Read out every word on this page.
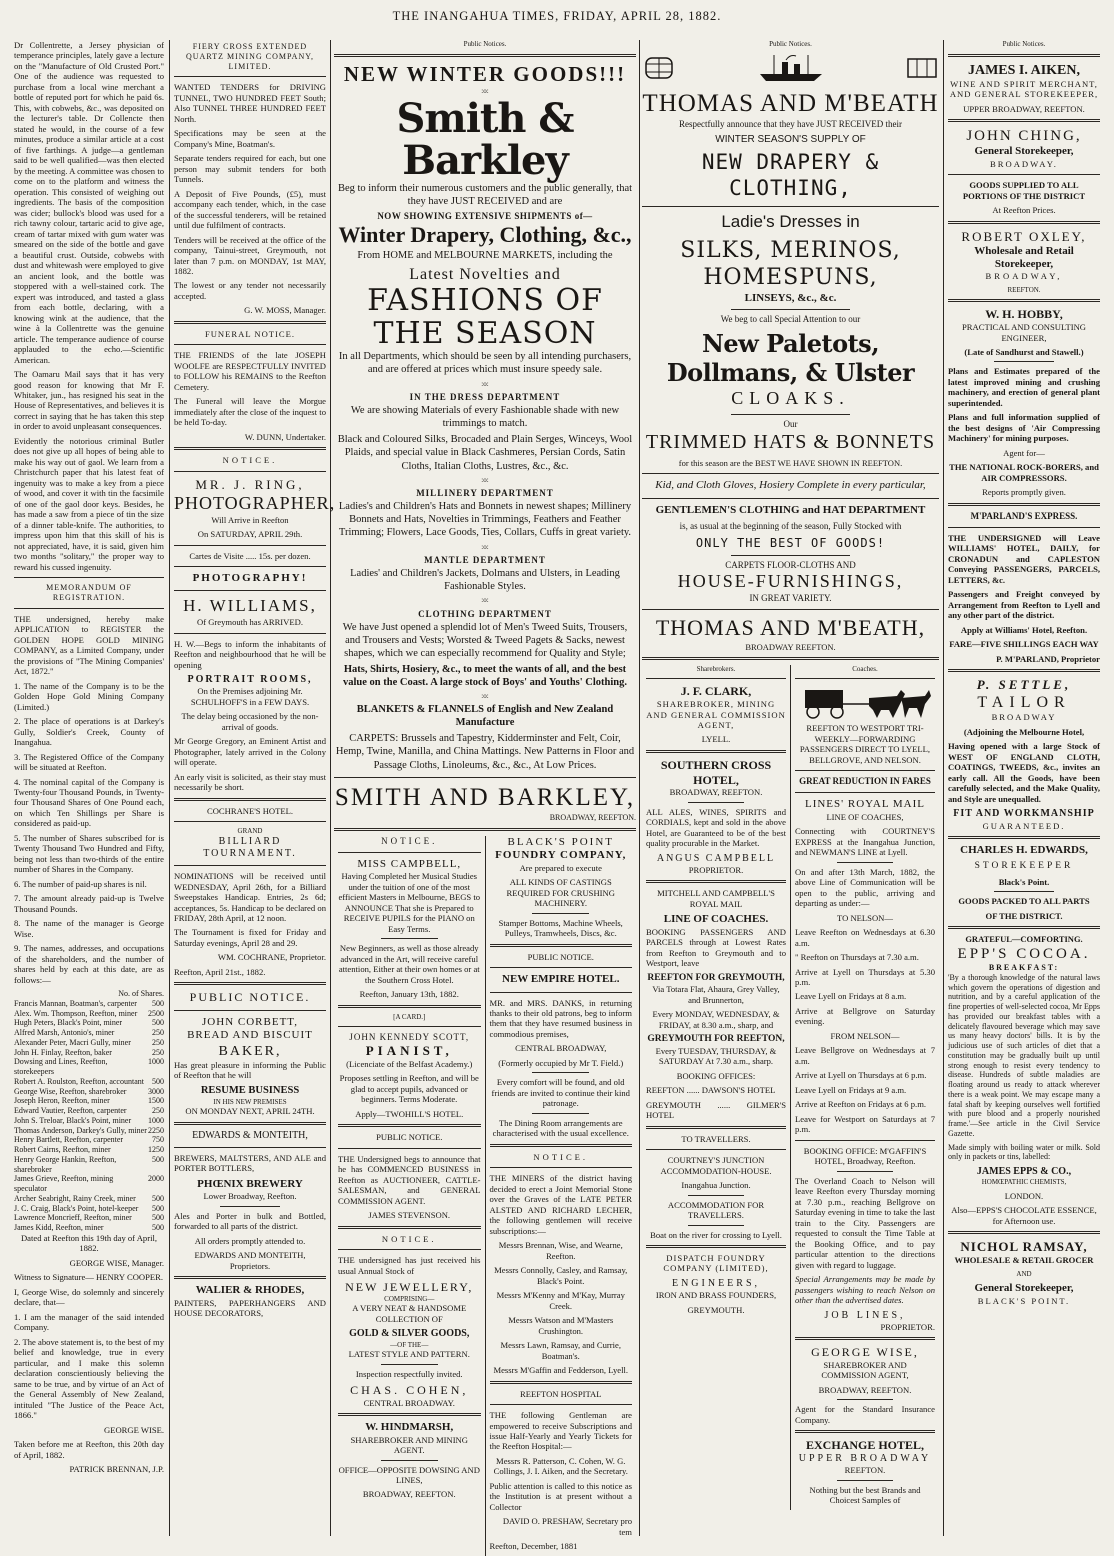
THE INANGAHUA TIMES, FRIDAY, APRIL 28, 1882.

Dr Collentrette, a Jersey physician of temperance principles, lately gave a lecture on the "Manufacture of Old Crusted Port." One of the audience was requested to purchase from a local wine merchant a bottle of reputed port for which he paid 6s. This, with cobwebs, &c., was deposited on the lecturer's table. Dr Collencte then stated he would, in the course of a few minutes, produce a similar article at a cost of five farthings. A judge—a gentleman said to be well qualified—was then elected by the meeting. A committee was chosen to come on to the platform and witness the operation. This consisted of weighing out ingredients. The basis of the composition was cider; bullock's blood was used for a rich tawny colour, tartaric acid to give age, cream of tartar mixed with gum water was smeared on the side of the bottle and gave a beautiful crust. Outside, cobwebs with dust and whitewash were employed to give an ancient look, and the bottle was stoppered with a well-stained cork. The expert was introduced, and tasted a glass from each bottle, declaring, with a knowing wink at the audience, that the wine à la Collentrette was the genuine article. The temperance audience of course applauded to the echo.—Scientific American.

The Oamaru Mail says that it has very good reason for knowing that Mr F. Whitaker, jun., has resigned his seat in the House of Representatives, and believes it is correct in saying that he has taken this step in order to avoid unpleasant consequences.

Evidently the notorious criminal Butler does not give up all hopes of being able to make his way out of gaol. We learn from a Christchurch paper that his latest feat of ingenuity was to make a key from a piece of wood, and cover it with tin the facsimile of one of the gaol door keys. Besides, he has made a saw from a piece of tin the size of a dinner table-knife. The authorities, to impress upon him that this skill of his is not appreciated, have, it is said, given him two months "solitary," the proper way to reward his cussed ingenuity.

MEMORANDUM OF REGISTRATION.

THE undersigned, hereby make APPLICATION to REGISTER the GOLDEN HOPE GOLD MINING COMPANY, as a Limited Company, under the provisions of "The Mining Companies' Act, 1872."

1. The name of the Company is to be the Golden Hope Gold Mining Company (Limited.)

2. The place of operations is at Darkey's Gully, Soldier's Creek, County of Inangahua.

3. The Registered Office of the Company will be situated at Reefton.

4. The nominal capital of the Company is Twenty-four Thousand Pounds, in Twenty-four Thousand Shares of One Pound each, on which Ten Shillings per Share is considered as paid-up.

5. The number of Shares subscribed for is Twenty Thousand Two Hundred and Fifty, being not less than two-thirds of the entire number of Shares in the Company.

6. The number of paid-up shares is nil.

7. The amount already paid-up is Twelve Thousand Pounds.

8. The name of the manager is George Wise.

9. The names, addresses, and occupations of the shareholders, and the number of shares held by each at this date, are as follows:—

No. of Shares.
Francis Mannan, Boatman's, carpenter 500
Alex. Wm. Thompson, Reefton, miner 2500
Hugh Peters, Black's Point, miner	500
Alfred Marsh, Antonio's, miner	250
Alexander Peter, Macri Gully, miner	250
John H. Finlay, Reefton, baker	250
Dowsing and Lines, Reefton, storekeepers
1000
Robert A. Roulston, Reefton, accountant 500
George Wise, Reefton, sharebroker	3000
Joseph Heron, Reefton, miner	1500
Edward Vautier, Reefton, carpenter	250
John S. Treloar, Black's Point, miner 1000
Thomas Anderson, Darkey's Gully, miner 2250
Henry Bartlett, Reefton, carpenter	750
Robert Cairns, Reefton, miner	1250
Henry George Hankin, Reefton, sharebroker
500
James Grieve, Reefton, mining speculator
2000
Archer Seabright, Rainy Creek, miner 500
J. C. Craig, Black's Point, hotel-keeper 500
Lawrence Moncrieff, Reefton, miner	500
James Kidd, Reefton, miner	500

Dated at Reefton this 19th day of April, 1882.

GEORGE WISE, Manager.

Witness to Signature— HENRY COOPER.

I, George Wise, do solemnly and sincerely declare, that—

1. I am the manager of the said intended Company.

2. The above statement is, to the best of my belief and knowledge, true in every particular, and I make this solemn declaration conscientiously believing the same to be true, and by virtue of an Act of the General Assembly of New Zealand, intituled "The Justice of the Peace Act, 1866."

GEORGE WISE.

Taken before me at Reefton, this 20th day of April, 1882.

PATRICK BRENNAN, J.P.

FIERY CROSS EXTENDED QUARTZ MINING COMPANY, LIMITED.

WANTED TENDERS for DRIVING TUNNEL, TWO HUNDRED FEET South; Also TUNNEL THREE HUNDRED FEET North.

Specifications may be seen at the Company's Mine, Boatman's.

Separate tenders required for each, but one person may submit tenders for both Tunnels.

A Deposit of Five Pounds, (£5), must accompany each tender, which, in the case of the successful tenderers, will be retained until due fulfilment of contracts.

Tenders will be received at the office of the company, Tainui-street, Greymouth, not later than 7 p.m. on MONDAY, 1st MAY, 1882.

The lowest or any tender not necessarily accepted.

G. W. MOSS, Manager.

FUNERAL NOTICE.

THE FRIENDS of the late JOSEPH WOOLFE are RESPECTFULLY INVITED to FOLLOW his REMAINS to the Reefton Cemetery.

The Funeral will leave the Morgue immediately after the close of the inquest to be held To-day.

W. DUNN, Undertaker.

NOTICE.
MR. J. RING,
PHOTOGRAPHER,

Will Arrive in Reefton

On SATURDAY, APRIL 29th.

Cartes de Visite ..... 15s. per dozen.

PHOTOGRAPHY!
H. WILLIAMS,

Of Greymouth has ARRIVED.

H. W.—Begs to inform the inhabitants of Reefton and neighbourhood that he will be opening

PORTRAIT ROOMS,

On the Premises adjoining Mr. SCHULHOFF'S in a FEW DAYS.

The delay being occasioned by the non-arrival of goods.

Mr George Gregory, an Eminent Artist and Photographer, lately arrived in the Colony will operate.

An early visit is solicited, as their stay must necessarily be short.

COCHRANE'S HOTEL.
GRAND
BILLIARD TOURNAMENT.

NOMINATIONS will be received until WEDNESDAY, April 26th, for a Billiard Sweepstakes Handicap. Entries, 2s 6d; acceptances, 5s. Handicap to be declared on FRIDAY, 28th April, at 12 noon.

The Tournament is fixed for Friday and Saturday evenings, April 28 and 29.

WM. COCHRANE, Proprietor.

Reefton, April 21st., 1882.

PUBLIC NOTICE.
JOHN CORBETT,
BREAD AND BISCUIT
BAKER,

Has great pleasure in informing the Public of Reefton that he will

RESUME BUSINESS
IN HIS NEW PREMISES

ON MONDAY NEXT, APRIL 24TH.

EDWARDS & MONTEITH,

BREWERS, MALTSTERS, AND ALE and PORTER BOTTLERS,

PHŒNIX BREWERY

Lower Broadway, Reefton.

Ales and Porter in bulk and Bottled, forwarded to all parts of the district.

All orders promptly attended to.

EDWARDS AND MONTEITH, Proprietors.

WALIER & RHODES,

PAINTERS, PAPERHANGERS AND HOUSE DECORATORS,

Public Notices.
NEW WINTER GOODS!!!
:o:
Smith & Barkley
Beg to inform their numerous customers and the public generally, that they have JUST RECEIVED and are
NOW SHOWING EXTENSIVE SHIPMENTS of—
Winter Drapery, Clothing, &c.,
From HOME and MELBOURNE MARKETS, including the
Latest Novelties and
FASHIONS OF THE SEASON
In all Departments, which should be seen by all intending purchasers, and are offered at prices which must insure speedy sale.
:o:
IN THE DRESS DEPARTMENT
We are showing Materials of every Fashionable shade with new trimmings to match.
Black and Coloured Silks, Brocaded and Plain Serges, Winceys, Wool Plaids, and special value in Black Cashmeres, Persian Cords, Satin Cloths, Italian Cloths, Lustres, &c., &c.
:o:
MILLINERY DEPARTMENT
Ladies's and Children's Hats and Bonnets in newest shapes; Millinery Bonnets and Hats, Novelties in Trimmings, Feathers and Feather Trimming; Flowers, Lace Goods, Ties, Collars, Cuffs in great variety.
:o:
MANTLE DEPARTMENT
Ladies' and Children's Jackets, Dolmans and Ulsters, in Leading Fashionable Styles.
:o:
CLOTHING DEPARTMENT
We have Just opened a splendid lot of Men's Tweed Suits, Trousers, and Trousers and Vests; Worsted & Tweed Pagets & Sacks, newest shapes, which we can especially recommend for Quality and Style;
Hats, Shirts, Hosiery, &c., to meet the wants of all, and the best value on the Coast. A large stock of Boys' and Youths' Clothing.
:o:
BLANKETS & FLANNELS of English and New Zealand Manufacture
CARPETS: Brussels and Tapestry, Kidderminster and Felt, Coir, Hemp, Twine, Manilla, and China Mattings. New Patterns in Floor and Passage Cloths, Linoleums, &c., &c., At Low Prices.
SMITH AND BARKLEY,
BROADWAY, REEFTON.
NOTICE.
MISS CAMPBELL,

Having Completed her Musical Studies under the tuition of one of the most efficient Masters in Melbourne, BEGS to ANNOUNCE That she is Prepared to RECEIVE PUPILS for the PIANO on Easy Terms.

New Beginners, as well as those already advanced in the Art, will receive careful attention, Either at their own homes or at the Southern Cross Hotel.

Reefton, January 13th, 1882.

[A CARD.]
JOHN KENNEDY SCOTT,
PIANIST,

(Licenciate of the Belfast Academy.)

Proposes settling in Reefton, and will be glad to accept pupils, advanced or beginners. Terms Moderate.

Apply—TWOHILL'S HOTEL.

PUBLIC NOTICE.

THE Undersigned begs to announce that he has COMMENCED BUSINESS in Reefton as AUCTIONEER, CATTLE-SALESMAN, and GENERAL COMMISSION AGENT.

JAMES STEVENSON.

NOTICE.

THE undersigned has just received his usual Annual Stock of

NEW JEWELLERY,
COMPRISING—

A VERY NEAT & HANDSOME COLLECTION OF

GOLD & SILVER GOODS,
—OF THE—

LATEST STYLE AND PATTERN.

Inspection respectfully invited.

CHAS. COHEN,

CENTRAL BROADWAY.

W. HINDMARSH,

SHAREBROKER AND MINING AGENT.

OFFICE—OPPOSITE DOWSING AND LINES,

BROADWAY, REEFTON.

BLACK'S POINT
FOUNDRY COMPANY,

Are prepared to execute

ALL KINDS OF CASTINGS REQUIRED FOR CRUSHING MACHINERY.

Stamper Bottoms, Machine Wheels, Pulleys, Tramwheels, Discs, &c.

PUBLIC NOTICE.
NEW EMPIRE HOTEL.

MR. and MRS. DANKS, in returning thanks to their old patrons, beg to inform them that they have resumed business in commodious premises,

CENTRAL BROADWAY,

(Formerly occupied by Mr T. Field.)

Every comfort will be found, and old friends are invited to continue their kind patronage.

The Dining Room arrangements are characterised with the usual excellence.

NOTICE.

THE MINERS of the district having decided to erect a Joint Memorial Stone over the Graves of the LATE PETER ALSTED AND RICHARD LECHER, the following gentlemen will receive subscriptions:—

Messrs Brennan, Wise, and Wearne, Reefton.

Messrs Connolly, Casley, and Ramsay, Black's Point.

Messrs M'Kenny and M'Kay, Murray Creek.

Messrs Watson and M'Masters Crushington.

Messrs Lawn, Ramsay, and Currie, Boatman's.

Messrs M'Gaffin and Fedderson, Lyell.

REEFTON HOSPITAL

THE following Gentleman are empowered to receive Subscriptions and issue Half-Yearly and Yearly Tickets for the Reefton Hospital:—

Messrs R. Patterson, C. Cohen, W. G. Collings, J. I. Aiken, and the Secretary.

Public attention is called to this notice as the Institution is at present without a Collector

DAVID O. PRESHAW, Secretary pro tem

Reefton, December, 1881

Public Notices.
THOMAS AND M'BEATH
Respectfully announce that they have JUST RECEIVED their
WINTER SEASON'S SUPPLY OF
NEW DRAPERY & CLOTHING,
Ladie's Dresses in
SILKS, MERINOS, HOMESPUNS,
LINSEYS, &c., &c.
We beg to call Special Attention to our
New Paletots, Dollmans, & Ulster
CLOAKS.
Our
TRIMMED HATS & BONNETS
for this season are the BEST WE HAVE SHOWN IN REEFTON.
Kid, and Cloth Gloves, Hosiery Complete in every particular,
GENTLEMEN'S CLOTHING and HAT DEPARTMENT
is, as usual at the beginning of the season, Fully Stocked with
ONLY THE BEST OF GOODS!
CARPETS FLOOR-CLOTHS AND
HOUSE-FURNISHINGS,
IN GREAT VARIETY.
THOMAS AND M'BEATH,
BROADWAY REEFTON.
Sharebrokers.
J. F. CLARK,

SHAREBROKER, MINING AND GENERAL COMMISSION AGENT,

LYELL.

SOUTHERN CROSS HOTEL,

BROADWAY, REEFTON.

ALL ALES, WINES, SPIRITS and CORDIALS, kept and sold in the above Hotel, are Guaranteed to be of the best quality procurable in the Market.

ANGUS CAMPBELL

PROPRIETOR.

MITCHELL AND CAMPBELL'S ROYAL MAIL

LINE OF COACHES.

BOOKING PASSENGERS AND PARCELS through at Lowest Rates from Reefton to Greymouth and to Westport, leave

REEFTON FOR GREYMOUTH,

Via Totara Flat, Ahaura, Grey Valley, and Brunnerton,

Every MONDAY, WEDNESDAY, & FRIDAY, at 8.30 a.m., sharp, and

GREYMOUTH FOR REEFTON,

Every TUESDAY, THURSDAY, & SATURDAY At 7.30 a.m., sharp.

BOOKING OFFICES:

REEFTON ...... DAWSON'S HOTEL

GREYMOUTH ...... GILMER'S HOTEL

TO TRAVELLERS.

COURTNEY'S JUNCTION ACCOMMODATION-HOUSE.

Inangahua Junction.

ACCOMMODATION FOR TRAVELLERS.

Boat on the river for crossing to Lyell.

DISPATCH FOUNDRY COMPANY (LIMITED),

ENGINEERS,

IRON AND BRASS FOUNDERS,

GREYMOUTH.

Coaches.

REEFTON TO WESTPORT TRI-WEEKLY—FORWARDING PASSENGERS DIRECT TO LYELL, BELLGROVE, AND NELSON.

GREAT REDUCTION IN FARES
LINES' ROYAL MAIL

LINE OF COACHES,

Connecting with COURTNEY'S EXPRESS at the Inangahua Junction, and NEWMAN'S LINE at Lyell.

On and after 13th March, 1882, the above Line of Communication will be open to the public, arriving and departing as under:—

TO NELSON—

Leave Reefton on Wednesdays at 6.30 a.m.

" Reefton on Thursdays at 7.30 a.m.

Arrive at Lyell on Thursdays at 5.30 p.m.

Leave Lyell on Fridays at 8 a.m.

Arrive at Bellgrove on Saturday evening.

FROM NELSON—

Leave Bellgrove on Wednesdays at 7 a.m.

Arrive at Lyell on Thursdays at 6 p.m.

Leave Lyell on Fridays at 9 a.m.

Arrive at Reefton on Fridays at 6 p.m.

Leave for Westport on Saturdays at 7 p.m.

BOOKING OFFICE: M'GAFFIN'S HOTEL, Broadway, Reefton.

The Overland Coach to Nelson will leave Reefton every Thursday morning at 7.30 p.m., reaching Bellgrove on Saturday evening in time to take the last train to the City. Passengers are requested to consult the Time Table at the Booking Office, and to pay particular attention to the directions given with regard to luggage.

Special Arrangements may be made by passengers wishing to reach Nelson on other than the advertised dates.

JOB LINES,

PROPRIETOR.

GEORGE WISE,

SHAREBROKER AND COMMISSION AGENT,

BROADWAY, REEFTON.

Agent for the Standard Insurance Company.

EXCHANGE HOTEL,
UPPER BROADWAY

REEFTON.

Nothing but the best Brands and Choicest Samples of

Public Notices.
JAMES I. AIKEN,

WINE AND SPIRIT MERCHANT, AND GENERAL STOREKEEPER,

UPPER BROADWAY, REEFTON.

JOHN CHING,
General Storekeeper,

BROADWAY.

GOODS SUPPLIED TO ALL PORTIONS OF THE DISTRICT

At Reefton Prices.

ROBERT OXLEY,
Wholesale and Retail Storekeeper,

BROADWAY,

REEFTON.

W. H. HOBBY,

PRACTICAL AND CONSULTING ENGINEER,

(Late of Sandhurst and Stawell.)

Plans and Estimates prepared of the latest improved mining and crushing machinery, and erection of general plant superintended.

Plans and full information supplied of the best designs of 'Air Compressing Machinery' for mining purposes.

Agent for—

THE NATIONAL ROCK-BORERS, and AIR COMPRESSORS.

Reports promptly given.

M'PARLAND'S EXPRESS.

THE UNDERSIGNED will Leave WILLIAMS' HOTEL, DAILY, for CRONADUN and CAPLESTON Conveying PASSENGERS, PARCELS, LETTERS, &c.

Passengers and Freight conveyed by Arrangement from Reefton to Lyell and any other part of the district.

Apply at Williams' Hotel, Reefton.

FARE—FIVE SHILLINGS EACH WAY

P. M'PARLAND, Proprietor

P. SETTLE,
TAILOR

BROADWAY

(Adjoining the Melbourne Hotel,

Having opened with a large Stock of WEST OF ENGLAND CLOTH, COATINGS, TWEEDS, &c., invites an early call. All the Goods, have been carefully selected, and the Make Quality, and Style are unequalled.

FIT AND WORKMANSHIP

GUARANTEED.

CHARLES H. EDWARDS,
STOREKEEPER

Black's Point.

GOODS PACKED TO ALL PARTS

OF THE DISTRICT.

GRATEFUL—COMFORTING.
EPP'S COCOA.
BREAKFAST:

'By a thorough knowledge of the natural laws which govern the operations of digestion and nutrition, and by a careful application of the fine properties of well-selected cocoa, Mr Epps has provided our breakfast tables with a delicately flavoured beverage which may save us many heavy doctors' bills. It is by the judicious use of such articles of diet that a constitution may be gradually built up until strong enough to resist every tendency to disease. Hundreds of subtle maladies are floating around us ready to attack wherever there is a weak point. We may escape many a fatal shaft by keeping ourselves well fortified with pure blood and a properly nourished frame.'—See article in the Civil Service Gazette.

Made simply with boiling water or milk. Sold only in packets or tins, labelled:

JAMES EPPS & CO.,

HOMŒPATHIC CHEMISTS,

LONDON.

Also—EPPS'S CHOCOLATE ESSENCE, for Afternoon use.

NICHOL RAMSAY,

WHOLESALE & RETAIL GROCER

AND

General Storekeeper,

BLACK'S POINT.
